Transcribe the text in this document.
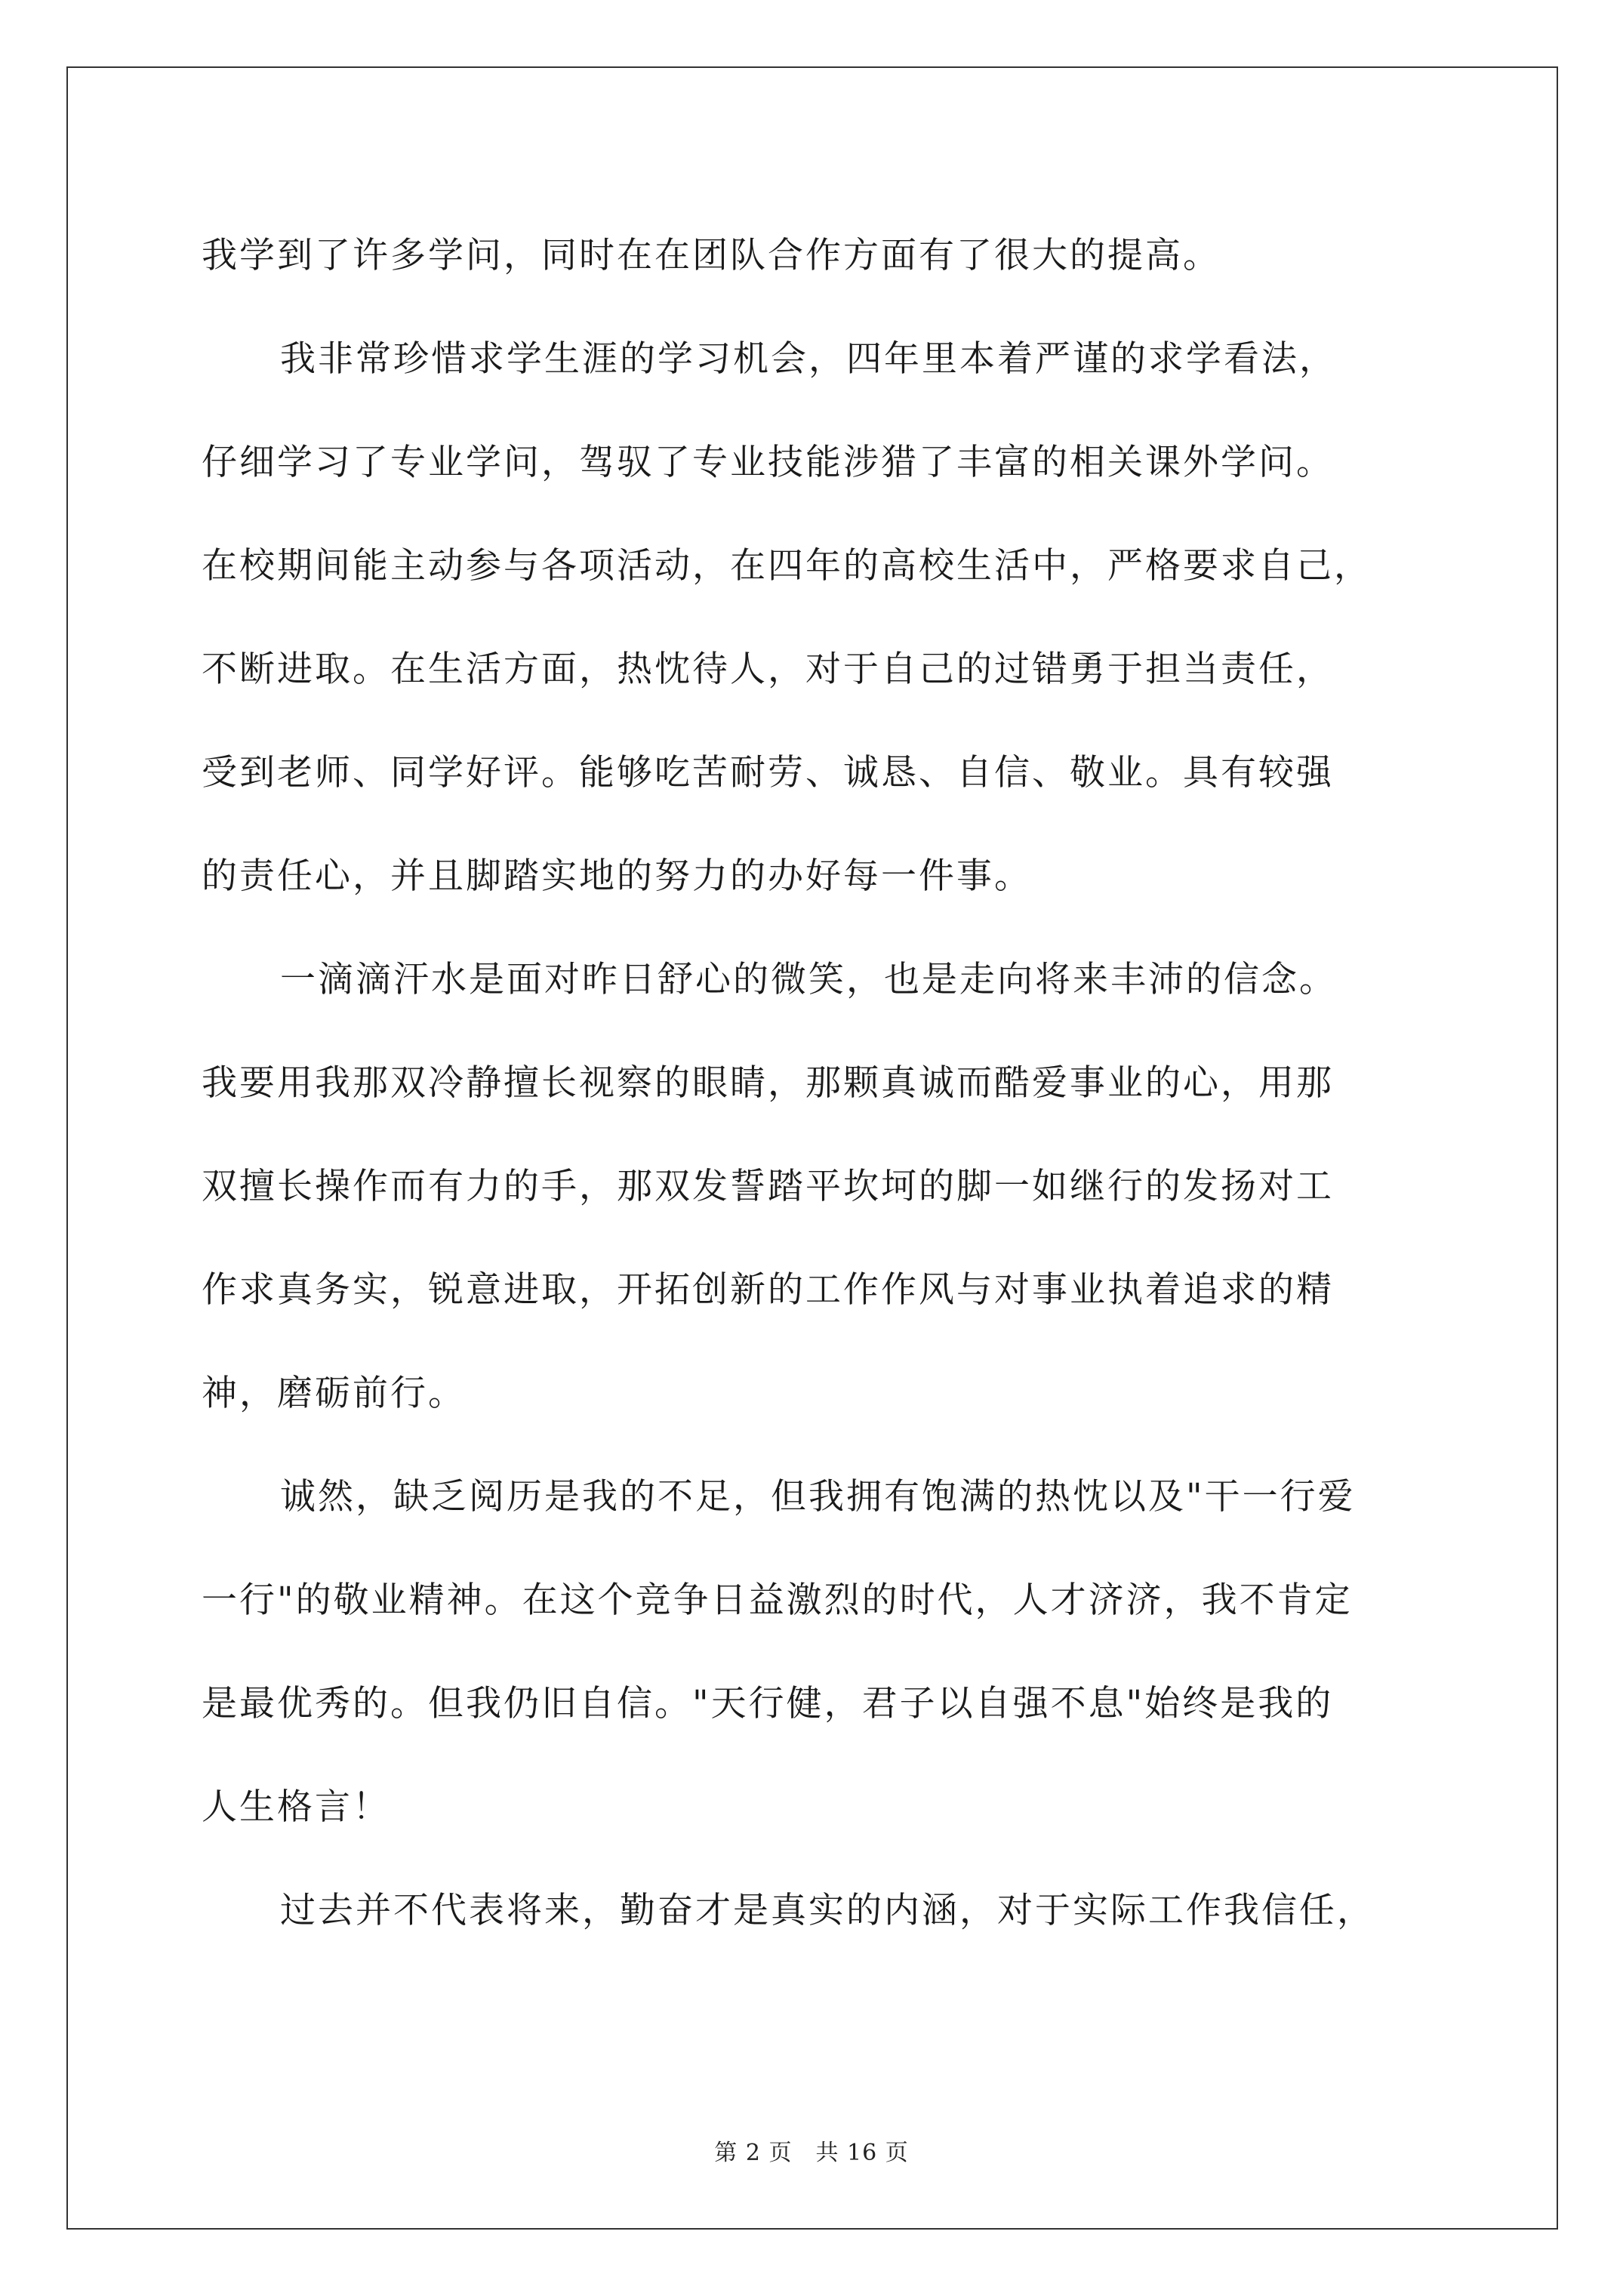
我学到了许多学问，同时在在团队合作方面有了很大的提高。
我非常珍惜求学生涯的学习机会，四年里本着严谨的求学看法，
仔细学习了专业学问，驾驭了专业技能涉猎了丰富的相关课外学问。
在校期间能主动参与各项活动，在四年的高校生活中，严格要求自己，
不断进取。在生活方面，热忱待人，对于自己的过错勇于担当责任，
受到老师、同学好评。能够吃苦耐劳、诚恳、自信、敬业。具有较强
的责任心，并且脚踏实地的努力的办好每一件事。
一滴滴汗水是面对昨日舒心的微笑，也是走向将来丰沛的信念。
我要用我那双冷静擅长视察的眼睛，那颗真诚而酷爱事业的心，用那
双擅长操作而有力的手，那双发誓踏平坎坷的脚一如继行的发扬对工
作求真务实，锐意进取，开拓创新的工作作风与对事业执着追求的精
神，磨砺前行。
诚然，缺乏阅历是我的不足，但我拥有饱满的热忱以及"干一行爱
一行"的敬业精神。在这个竞争日益激烈的时代，人才济济，我不肯定
是最优秀的。但我仍旧自信。"天行健，君子以自强不息"始终是我的
人生格言！
过去并不代表将来，勤奋才是真实的内涵，对于实际工作我信任，
第 2 页　共 16 页
